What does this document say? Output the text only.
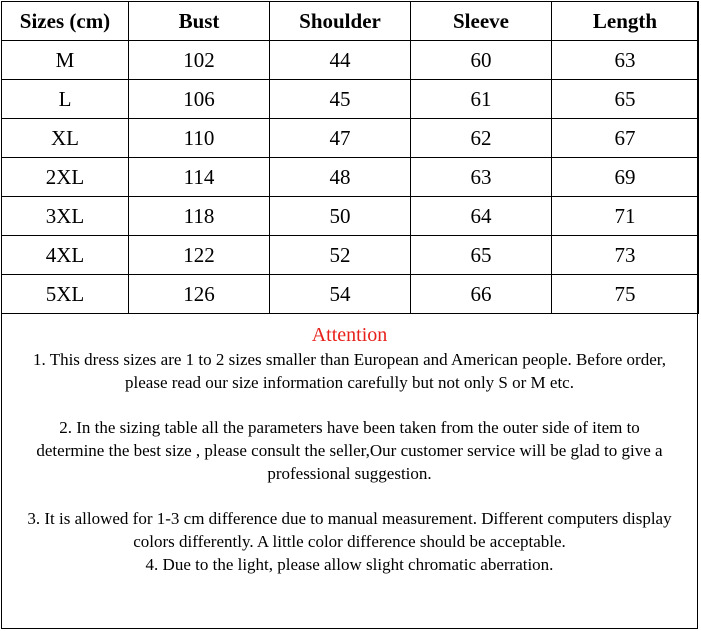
Sizes (cm)	Bust	Shoulder	Sleeve	Length
M	102	44	60	63
L	106	45	61	65
XL	110	47	62	67
2XL	114	48	63	69
3XL	118	50	64	71
4XL	122	52	65	73
5XL	126	54	66	75
Attention

1. This dress sizes are 1 to 2 sizes smaller than European and American people. Before order,

please read our size information carefully but not only S or M etc.

2. In the sizing table all the parameters have been taken from the outer side of item to

determine the best size , please consult the seller,Our customer service will be glad to give a

professional suggestion.

3. It is allowed for 1-3 cm difference due to manual measurement. Different computers display

colors differently. A little color difference should be acceptable.

4. Due to the light, please allow slight chromatic aberration.
